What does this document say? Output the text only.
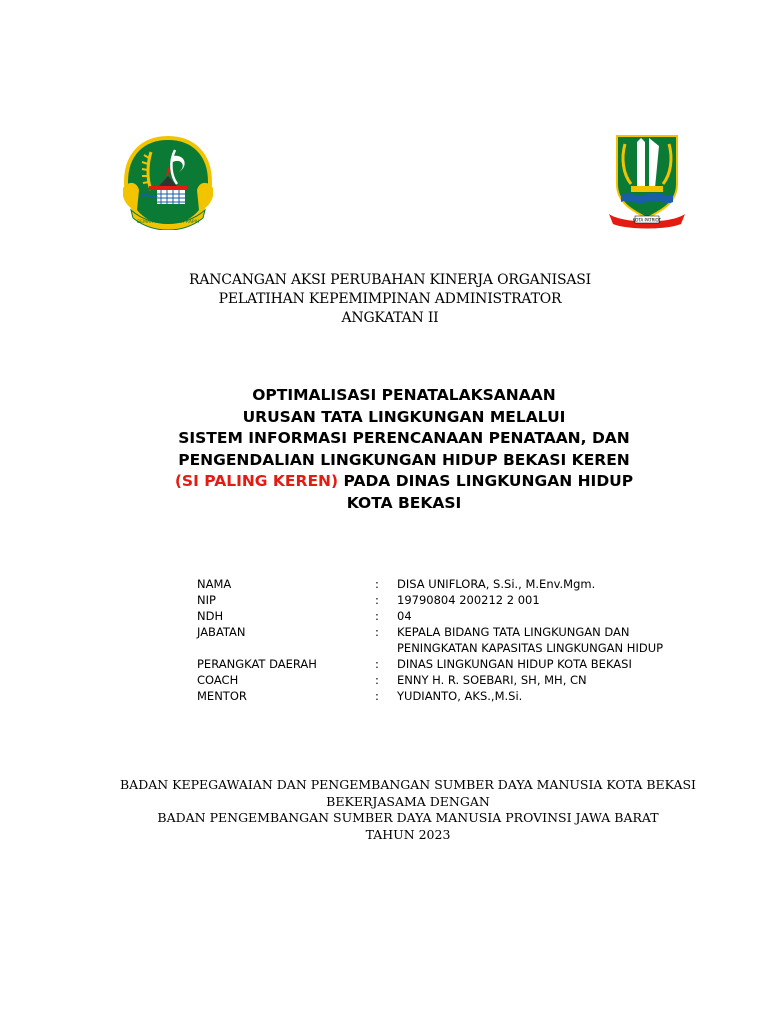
GEMAH RIPAH REPEH RAPIH	KOTA PATRIOT
RANCANGAN AKSI PERUBAHAN KINERJA ORGANISASI
PELATIHAN KEPEMIMPINAN ADMINISTRATOR
ANGKATAN II
OPTIMALISASI PENATALAKSANAAN
URUSAN TATA LINGKUNGAN MELALUI
SISTEM INFORMASI PERENCANAAN PENATAAN, DAN
PENGENDALIAN LINGKUNGAN HIDUP BEKASI KEREN
(SI PALING KEREN) PADA DINAS LINGKUNGAN HIDUP
KOTA BEKASI
NAMA	:	DISA UNIFLORA, S.Si., M.Env.Mgm.
NIP	:	19790804 200212 2 001
NDH	:	04
JABATAN	:	KEPALA BIDANG TATA LINGKUNGAN DAN
PENINGKATAN KAPASITAS LINGKUNGAN HIDUP
PERANGKAT DAERAH	:	DINAS LINGKUNGAN HIDUP KOTA BEKASI
COACH	:	ENNY H. R. SOEBARI, SH, MH, CN
MENTOR	:	YUDIANTO, AKS.,M.Si.
BADAN KEPEGAWAIAN DAN PENGEMBANGAN SUMBER DAYA MANUSIA KOTA BEKASI
BEKERJASAMA DENGAN
BADAN PENGEMBANGAN SUMBER DAYA MANUSIA PROVINSI JAWA BARAT
TAHUN 2023
